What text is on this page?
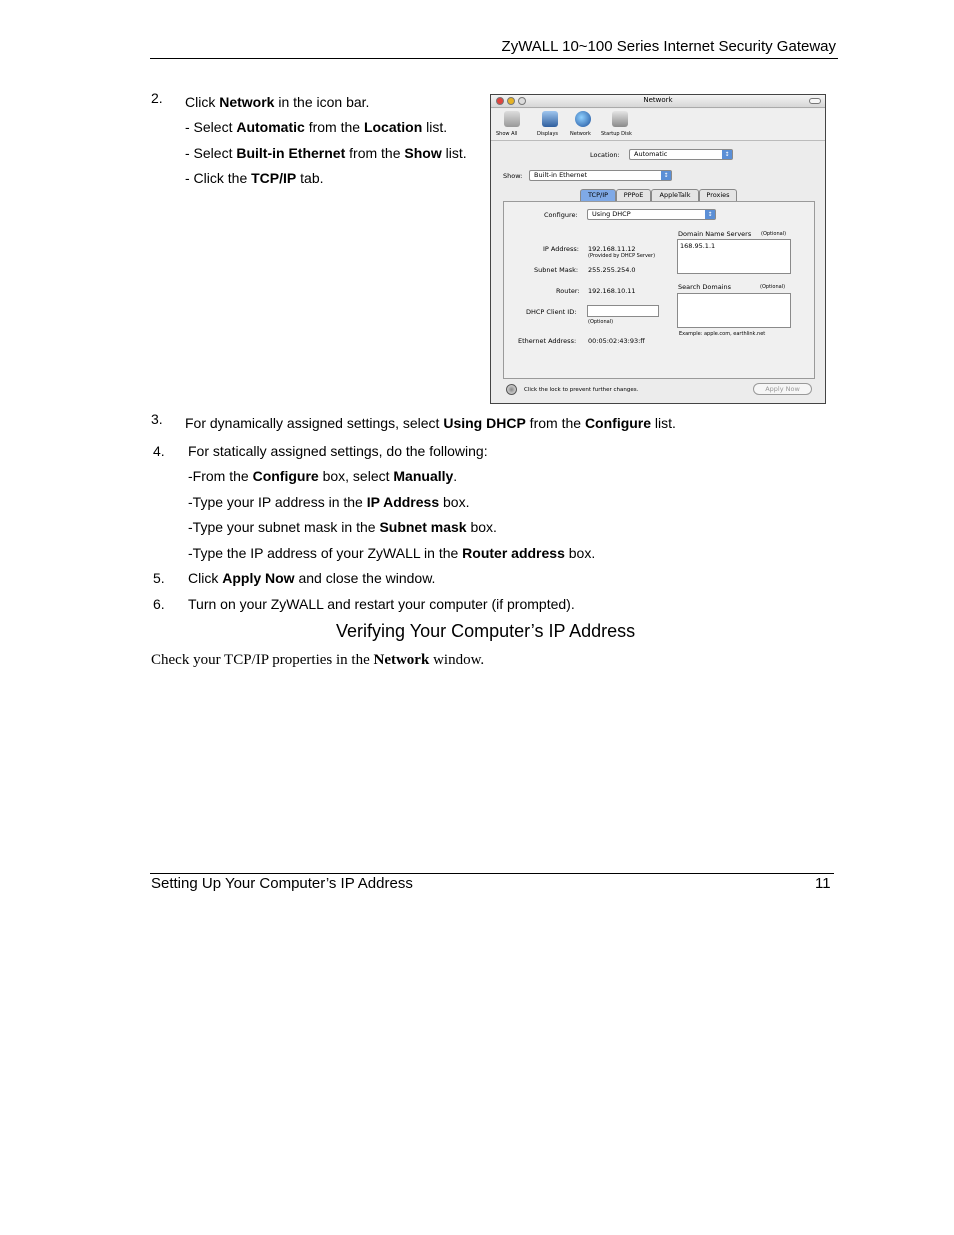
ZyWALL 10~100 Series Internet Security Gateway
2. Click Network in the icon bar.
- Select Automatic from the Location list.
- Select Built-in Ethernet from the Show list.
- Click the TCP/IP tab.
Network
Show All	Displays Network Startup Disk
Location:	Automatic	↕
Show:	Built-in Ethernet	↕
TCP/IP	PPPoE	AppleTalk	Proxies
Configure:	Using DHCP	↕
IP Address: 192.168.11.12
(Provided by DHCP Server)
Subnet Mask: 255.255.254.0
Router: 192.168.10.11
DHCP Client ID:
(Optional)
Ethernet Address: 00:05:02:43:93:ff
Domain Name Servers (Optional)
168.95.1.1
Search Domains	(Optional)
Example: apple.com, earthlink.net
Click the lock to prevent further changes.	Apply Now
3. For dynamically assigned settings, select Using DHCP from the Configure list.
4. For statically assigned settings, do the following:
-From the Configure box, select Manually.
-Type your IP address in the IP Address box.
-Type your subnet mask in the Subnet mask box.
-Type the IP address of your ZyWALL in the Router address box.
5. Click Apply Now and close the window.
6. Turn on your ZyWALL and restart your computer (if prompted).
Verifying Your Computer’s IP Address
Check your TCP/IP properties in the Network window.
Setting Up Your Computer’s IP Address	11
